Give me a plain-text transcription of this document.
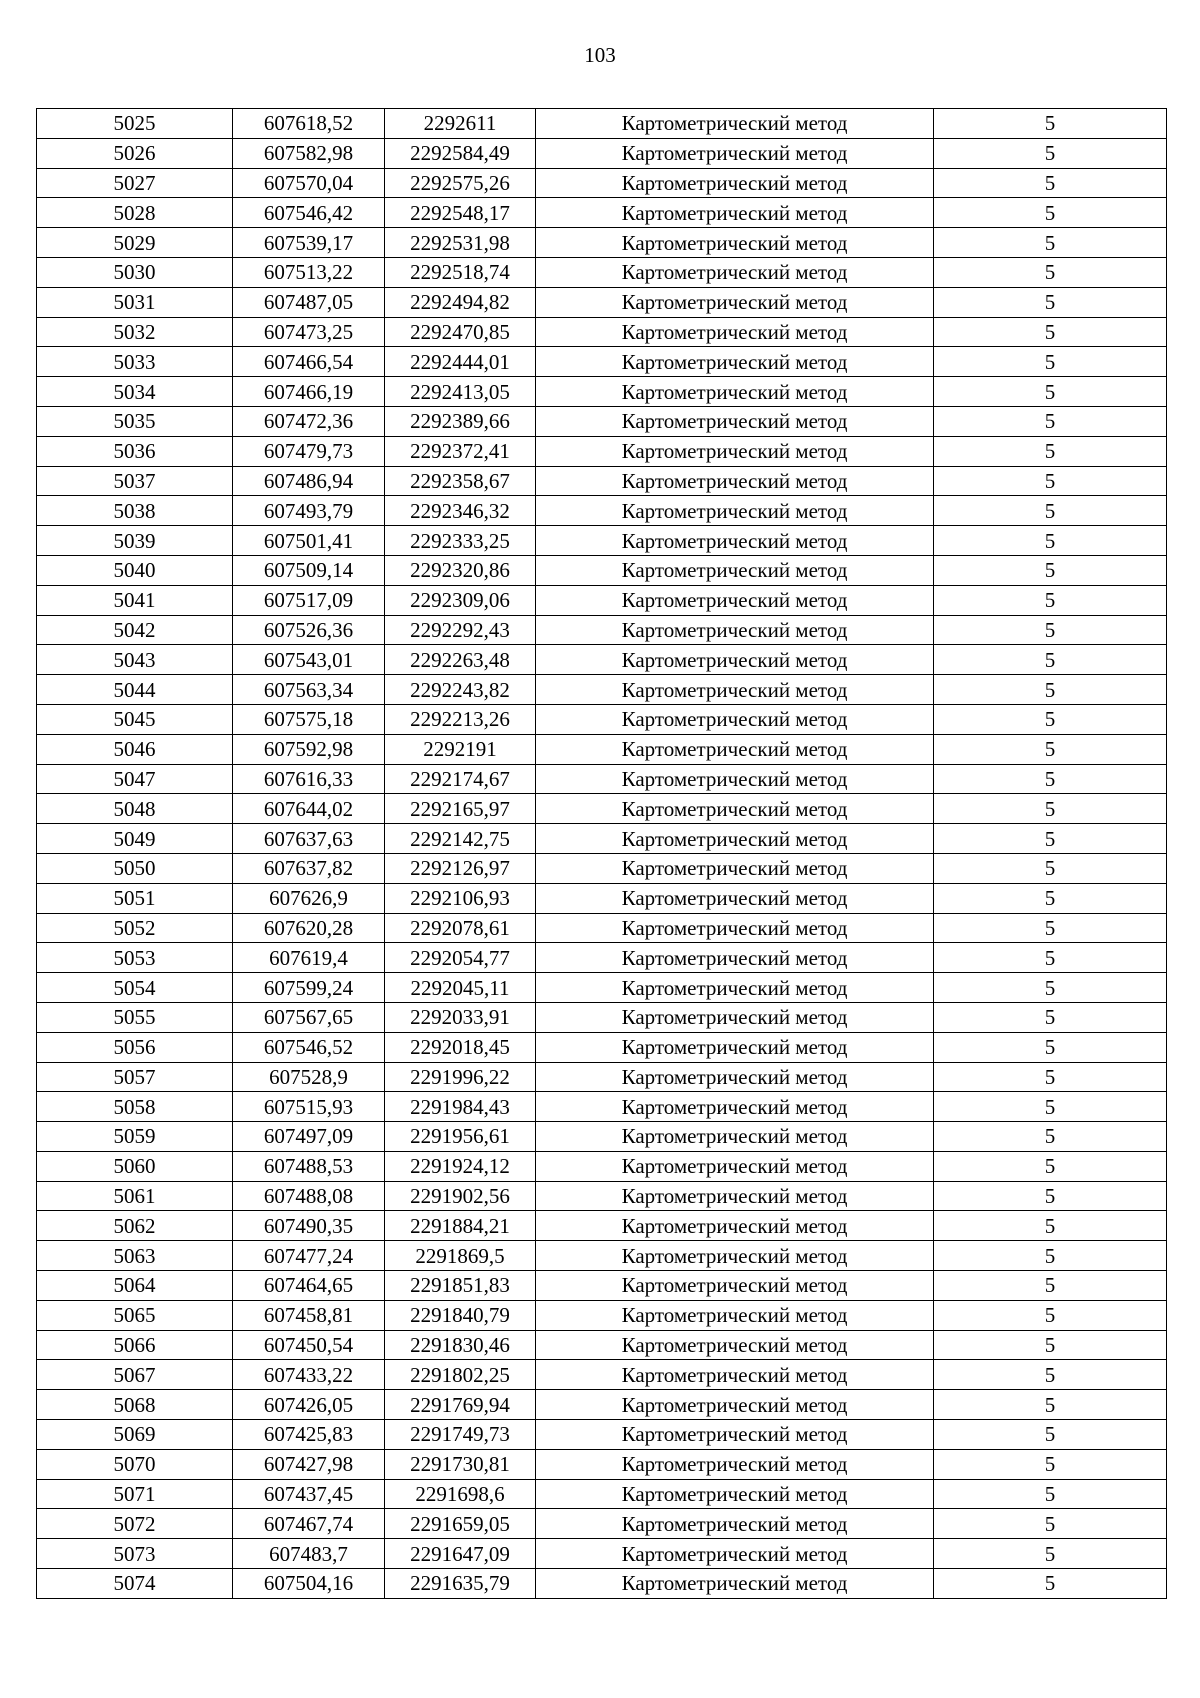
103
5025	607618,52	2292611	Картометрический метод	5
5026	607582,98	2292584,49	Картометрический метод	5
5027	607570,04	2292575,26	Картометрический метод	5
5028	607546,42	2292548,17	Картометрический метод	5
5029	607539,17	2292531,98	Картометрический метод	5
5030	607513,22	2292518,74	Картометрический метод	5
5031	607487,05	2292494,82	Картометрический метод	5
5032	607473,25	2292470,85	Картометрический метод	5
5033	607466,54	2292444,01	Картометрический метод	5
5034	607466,19	2292413,05	Картометрический метод	5
5035	607472,36	2292389,66	Картометрический метод	5
5036	607479,73	2292372,41	Картометрический метод	5
5037	607486,94	2292358,67	Картометрический метод	5
5038	607493,79	2292346,32	Картометрический метод	5
5039	607501,41	2292333,25	Картометрический метод	5
5040	607509,14	2292320,86	Картометрический метод	5
5041	607517,09	2292309,06	Картометрический метод	5
5042	607526,36	2292292,43	Картометрический метод	5
5043	607543,01	2292263,48	Картометрический метод	5
5044	607563,34	2292243,82	Картометрический метод	5
5045	607575,18	2292213,26	Картометрический метод	5
5046	607592,98	2292191	Картометрический метод	5
5047	607616,33	2292174,67	Картометрический метод	5
5048	607644,02	2292165,97	Картометрический метод	5
5049	607637,63	2292142,75	Картометрический метод	5
5050	607637,82	2292126,97	Картометрический метод	5
5051	607626,9	2292106,93	Картометрический метод	5
5052	607620,28	2292078,61	Картометрический метод	5
5053	607619,4	2292054,77	Картометрический метод	5
5054	607599,24	2292045,11	Картометрический метод	5
5055	607567,65	2292033,91	Картометрический метод	5
5056	607546,52	2292018,45	Картометрический метод	5
5057	607528,9	2291996,22	Картометрический метод	5
5058	607515,93	2291984,43	Картометрический метод	5
5059	607497,09	2291956,61	Картометрический метод	5
5060	607488,53	2291924,12	Картометрический метод	5
5061	607488,08	2291902,56	Картометрический метод	5
5062	607490,35	2291884,21	Картометрический метод	5
5063	607477,24	2291869,5	Картометрический метод	5
5064	607464,65	2291851,83	Картометрический метод	5
5065	607458,81	2291840,79	Картометрический метод	5
5066	607450,54	2291830,46	Картометрический метод	5
5067	607433,22	2291802,25	Картометрический метод	5
5068	607426,05	2291769,94	Картометрический метод	5
5069	607425,83	2291749,73	Картометрический метод	5
5070	607427,98	2291730,81	Картометрический метод	5
5071	607437,45	2291698,6	Картометрический метод	5
5072	607467,74	2291659,05	Картометрический метод	5
5073	607483,7	2291647,09	Картометрический метод	5
5074	607504,16	2291635,79	Картометрический метод	5
